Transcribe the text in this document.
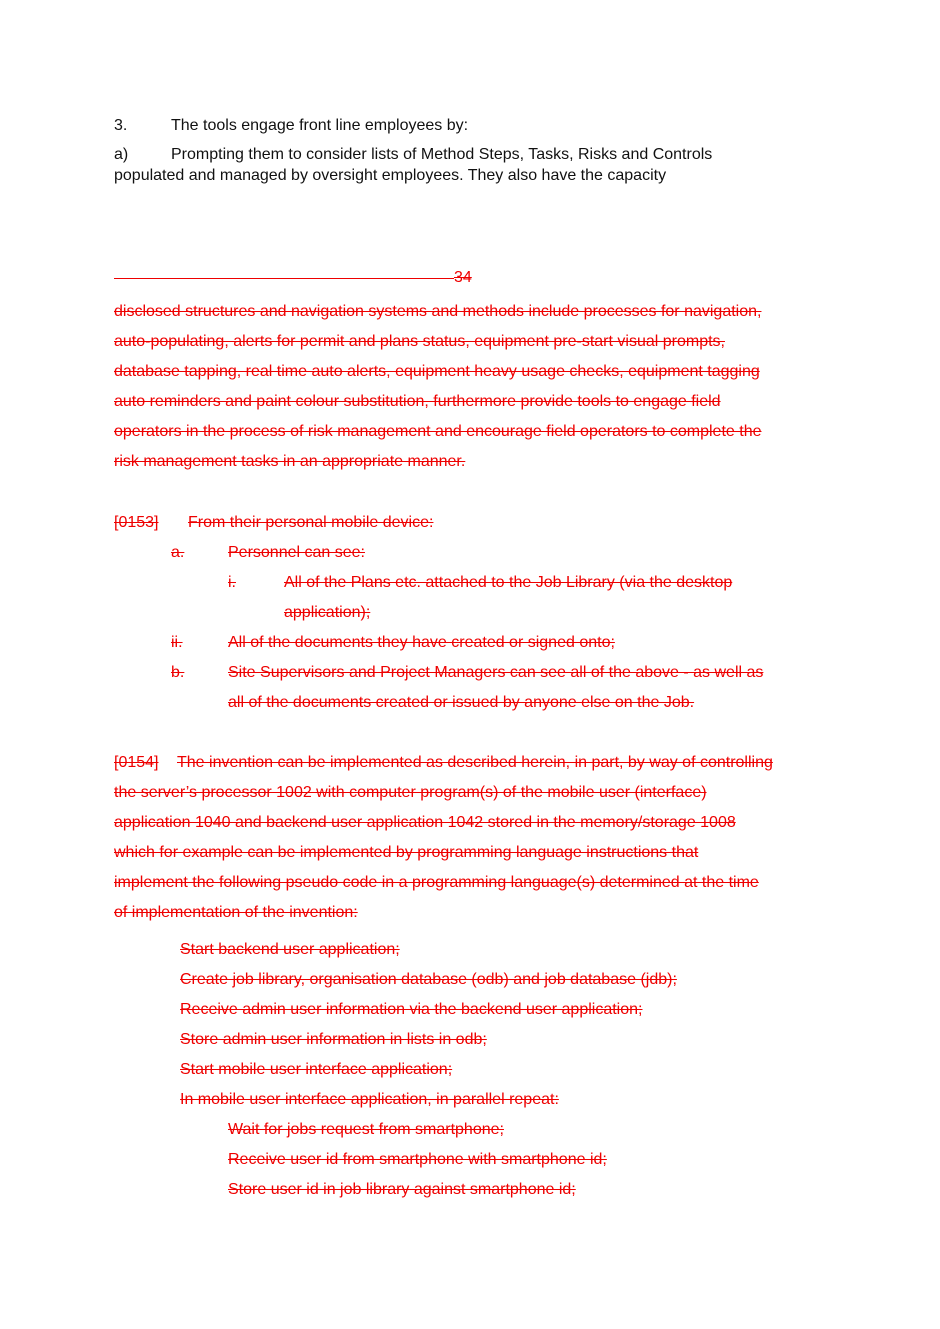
3.	The tools engage front line employees by:
a)	Prompting them to consider lists of Method Steps, Tasks, Risks and Controls
populated and managed by oversight employees. They also have the capacity
34
disclosed structures and navigation systems and methods include processes for navigation,
auto-populating, alerts for permit and plans status, equipment pre-start visual prompts,
database tapping, real time auto alerts, equipment heavy usage checks, equipment tagging
auto reminders and paint colour substitution, furthermore provide tools to engage field
operators in the process of risk management and encourage field operators to complete the
risk management tasks in an appropriate manner.
[0153] From their personal mobile device:
a.	Personnel can see:
i.	All of the Plans etc. attached to the Job Library (via the desktop
application);
ii.	All of the documents they have created or signed onto;
b.	Site Supervisors and Project Managers can see all of the above - as well as
all of the documents created or issued by anyone else on the Job.
[0154] The invention can be implemented as described herein, in part, by way of controlling
the server’s processor 1002 with computer program(s) of the mobile user (interface)
application 1040 and backend user application 1042 stored in the memory/storage 1008
which for example can be implemented by programming language instructions that
implement the following pseudo code in a programming language(s) determined at the time
of implementation of the invention:
Start backend user application;
Create job library, organisation database (odb) and job database (jdb);
Receive admin user information via the backend user application;
Store admin user information in lists in odb;
Start mobile user interface application;
In mobile user interface application, in parallel repeat:
Wait for jobs request from smartphone;
Receive user id from smartphone with smartphone id;
Store user id in job library against smartphone id;
